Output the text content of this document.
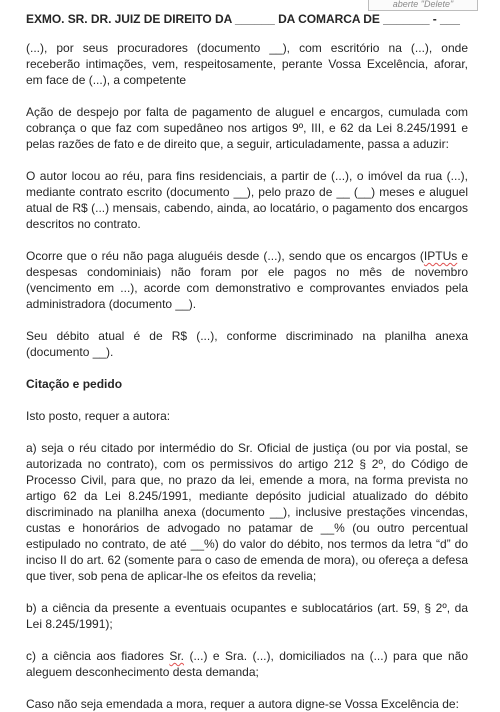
aberte "Delete"
EXMO. SR. DR. JUIZ DE DIREITO DA ______ DA COMARCA DE _______ - ___

(...), por seus procuradores (documento __), com escritório na (...), onde receberão intimações, vem, respeitosamente, perante Vossa Excelência, aforar, em face de (...), a competente

Ação de despejo por falta de pagamento de aluguel e encargos, cumulada com cobrança o que faz com supedâneo nos artigos 9º, III, e 62 da Lei 8.245/1991 e pelas razões de fato e de direito que, a seguir, articuladamente, passa a aduzir:

O autor locou ao réu, para fins residenciais, a partir de (...), o imóvel da rua (...), mediante contrato escrito (documento __), pelo prazo de __ (__) meses e aluguel atual de R$ (...) mensais, cabendo, ainda, ao locatário, o pagamento dos encargos descritos no contrato.

Ocorre que o réu não paga aluguéis desde (...), sendo que os encargos (IPTUs e despesas condominiais) não foram por ele pagos no mês de novembro (vencimento em ...), acorde com demonstrativo e comprovantes enviados pela administradora (documento __).

Seu débito atual é de R$ (...), conforme discriminado na planilha anexa (documento __).

Citação e pedido

Isto posto, requer a autora:

a) seja o réu citado por intermédio do Sr. Oficial de justiça (ou por via postal, se autorizada no contrato), com os permissivos do artigo 212 § 2º, do Código de Processo Civil, para que, no prazo da lei, emende a mora, na forma prevista no artigo 62 da Lei 8.245/1991, mediante depósito judicial atualizado do débito discriminado na planilha anexa (documento __), inclusive prestações vincendas, custas e honorários de advogado no patamar de __% (ou outro percentual estipulado no contrato, de até __%) do valor do débito, nos termos da letra “d” do inciso II do art. 62 (somente para o caso de emenda de mora), ou ofereça a defesa que tiver, sob pena de aplicar-lhe os efeitos da revelia;

b) a ciência da presente a eventuais ocupantes e sublocatários (art. 59, § 2º, da Lei 8.245/1991);

c) a ciência aos fiadores Sr. (...) e Sra. (...), domiciliados na (...) para que não aleguem desconhecimento desta demanda;

Caso não seja emendada a mora, requer a autora digne-se Vossa Excelência de:
